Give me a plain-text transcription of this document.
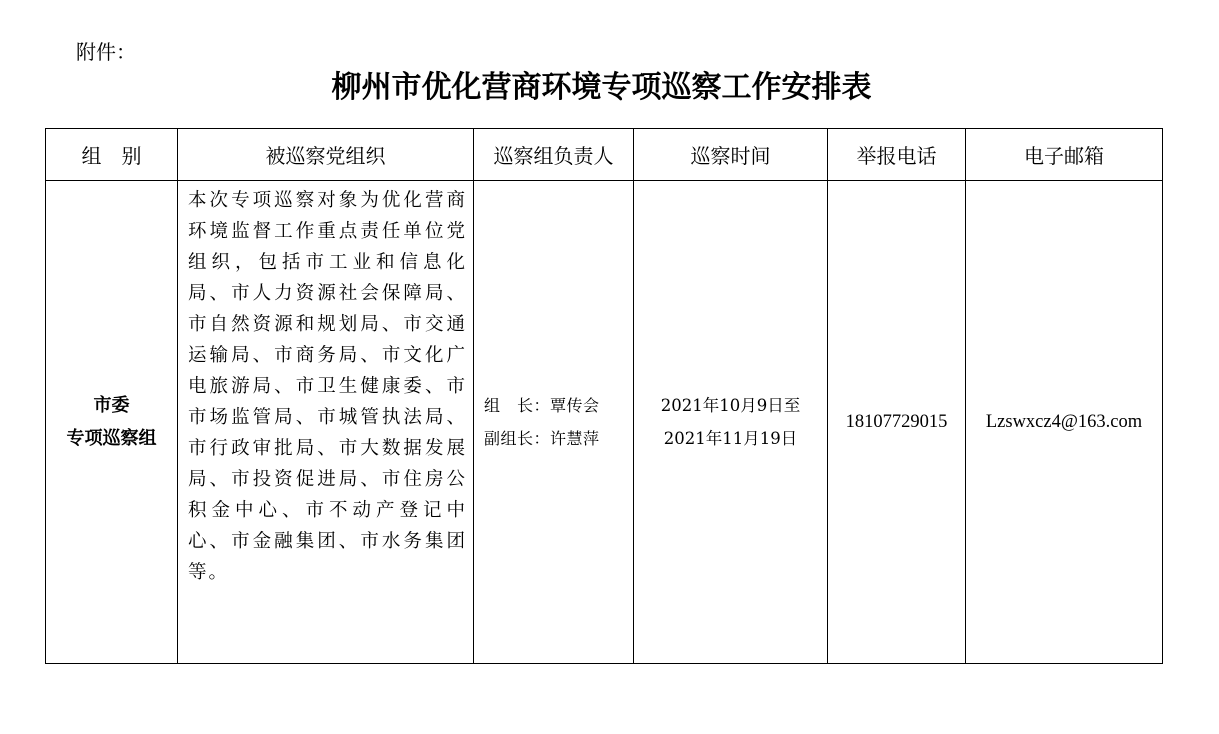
附件：
柳州市优化营商环境专项巡察工作安排表
组　别	被巡察党组织	巡察组负责人	巡察时间	举报电话	电子邮箱

市委
专项巡察组	本次专项巡察对象为优化营商环境监督工作重点责任单位党组织，包括市工业和信息化局、市人力资源社会保障局、市自然资源和规划局、市交通运输局、市商务局、市文化广电旅游局、市卫生健康委、市市场监管局、市城管执法局、市行政审批局、市大数据发展局、市投资促进局、市住房公积金中心、市不动产登记中心、市金融集团、市水务集团等。	组　长：覃传会
副组长：许慧萍	2021年10月9日至
2021年11月19日	18107729015	Lzswxcz4@163.com
